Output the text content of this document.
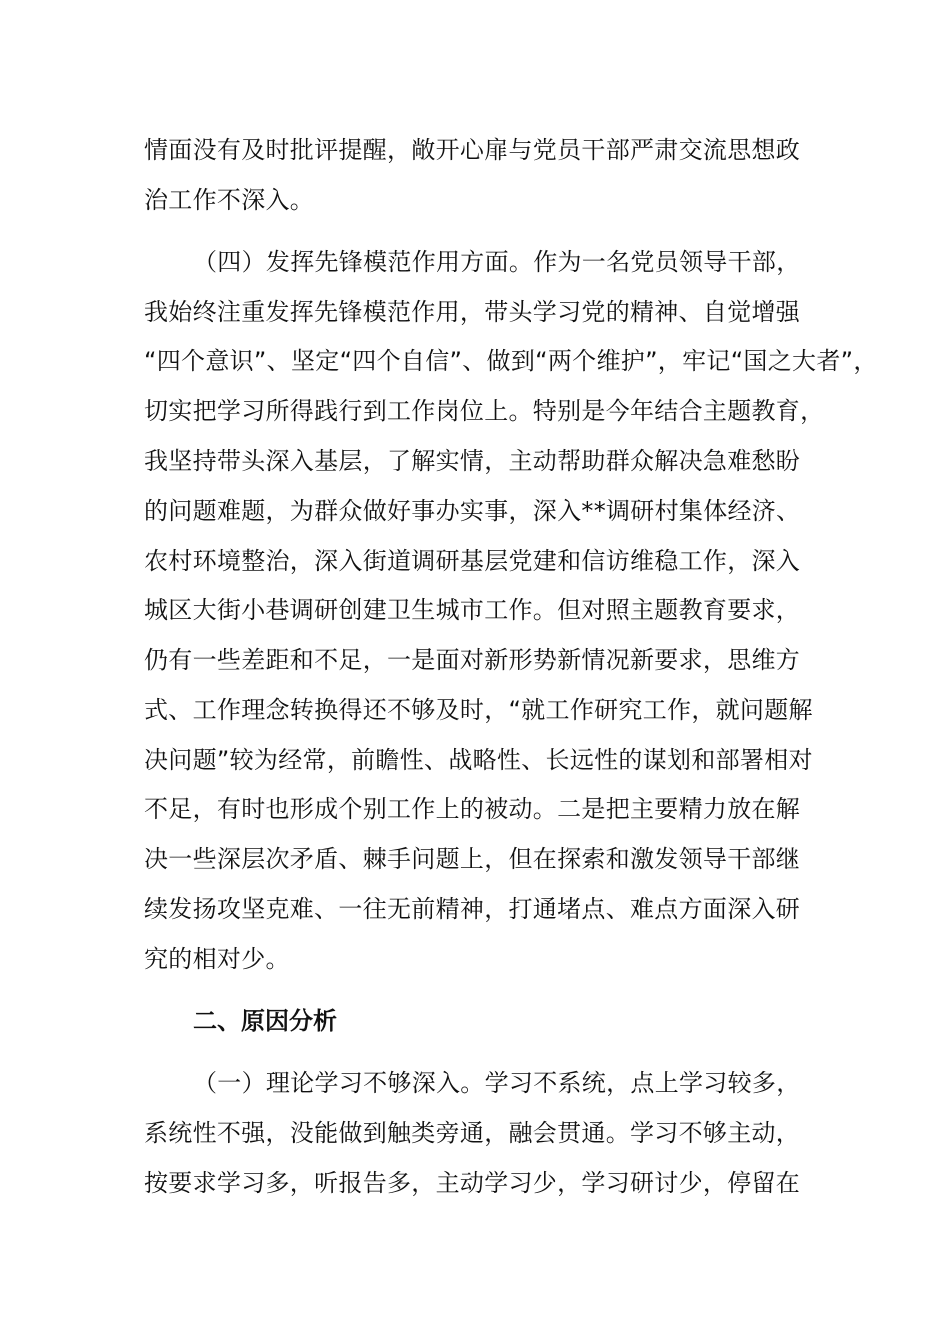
情面没有及时批评提醒，敞开心扉与党员干部严肃交流思想政
治工作不深入。
（四）发挥先锋模范作用方面。作为一名党员领导干部，
我始终注重发挥先锋模范作用，带头学习党的精神、自觉增强
“四个意识”、坚定“四个自信”、做到“两个维护”，牢记“国之大者”，
切实把学习所得践行到工作岗位上。特别是今年结合主题教育，
我坚持带头深入基层，了解实情，主动帮助群众解决急难愁盼
的问题难题，为群众做好事办实事，深入**调研村集体经济、
农村环境整治，深入街道调研基层党建和信访维稳工作，深入
城区大街小巷调研创建卫生城市工作。但对照主题教育要求，
仍有一些差距和不足，一是面对新形势新情况新要求，思维方
式、工作理念转换得还不够及时，“就工作研究工作，就问题解
决问题”较为经常，前瞻性、战略性、长远性的谋划和部署相对
不足，有时也形成个别工作上的被动。二是把主要精力放在解
决一些深层次矛盾、棘手问题上，但在探索和激发领导干部继
续发扬攻坚克难、一往无前精神，打通堵点、难点方面深入研
究的相对少。
二、原因分析
（一）理论学习不够深入。学习不系统，点上学习较多，
系统性不强，没能做到触类旁通，融会贯通。学习不够主动，
按要求学习多，听报告多，主动学习少，学习研讨少，停留在
